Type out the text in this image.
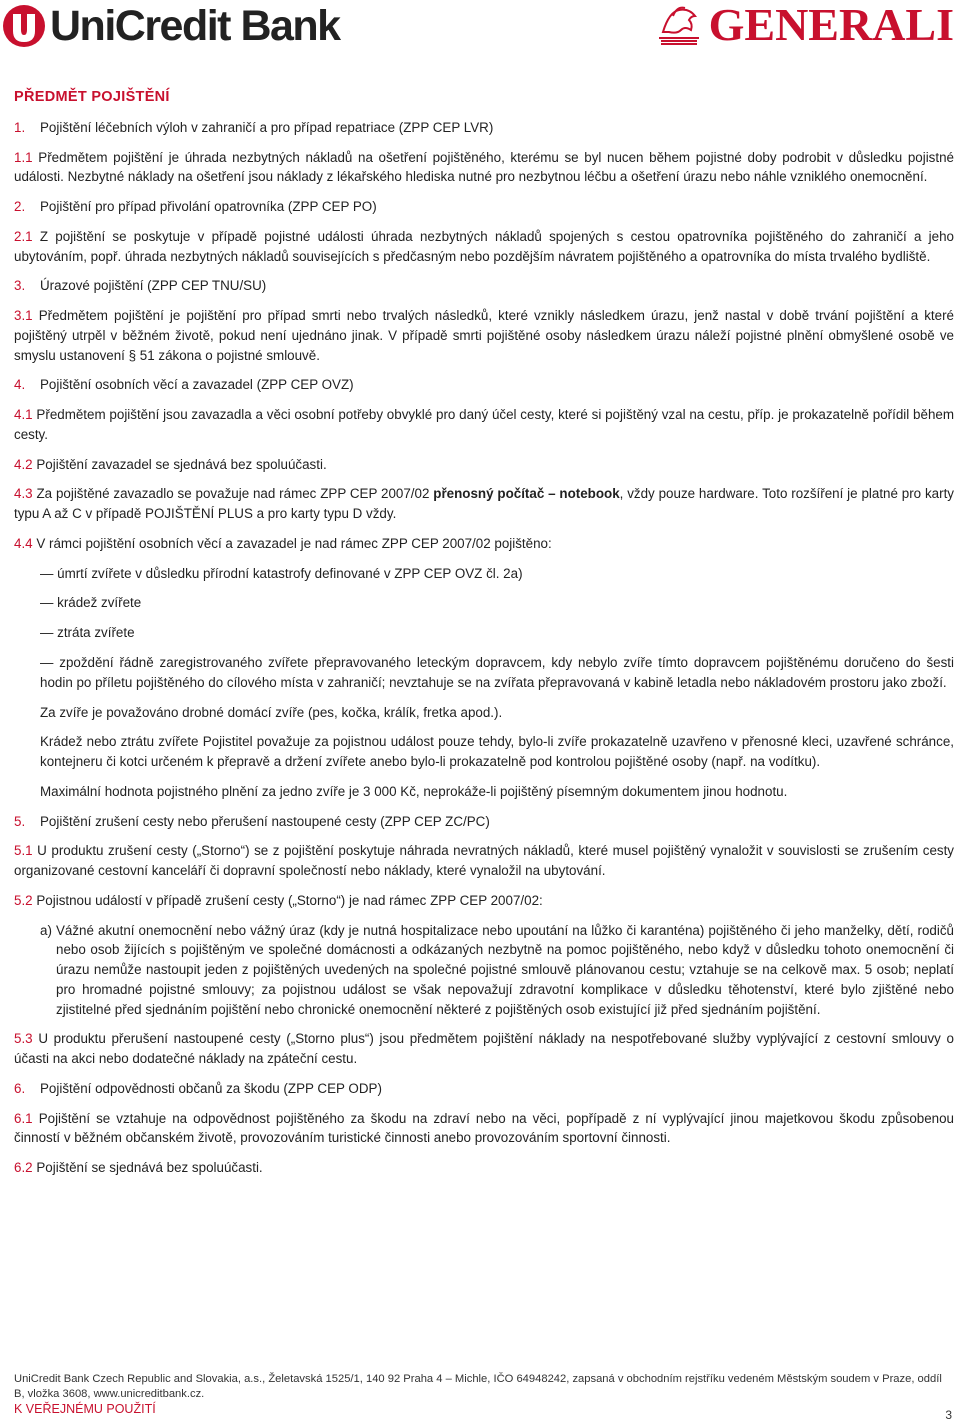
UniCredit Bank	GENERALI
PŘEDMĚT POJIŠTĚNÍ
1.	Pojištění léčebních výloh v zahraničí a pro případ repatriace (ZPP CEP LVR)
1.1 Předmětem pojištění je úhrada nezbytných nákladů na ošetření pojištěného, kterému se byl nucen během pojistné doby podrobit v důsledku pojistné události. Nezbytné náklady na ošetření jsou náklady z lékařského hlediska nutné pro nezbytnou léčbu a ošetření úrazu nebo náhle vzniklého onemocnění.
2.	Pojištění pro případ přivolání opatrovníka (ZPP CEP PO)
2.1 Z pojištění se poskytuje v případě pojistné události úhrada nezbytných nákladů spojených s cestou opatrovníka pojištěného do zahraničí a jeho ubytováním, popř. úhrada nezbytných nákladů souvisejících s předčasným nebo pozdějším návratem pojištěného a opatrovníka do místa trvalého bydliště.
3.	Úrazové pojištění (ZPP CEP TNU/SU)
3.1 Předmětem pojištění je pojištění pro případ smrti nebo trvalých následků, které vznikly následkem úrazu, jenž nastal v době trvání pojištění a které pojištěný utrpěl v běžném životě, pokud není ujednáno jinak. V případě smrti pojištěné osoby následkem úrazu náleží pojistné plnění obmyšlené osobě ve smyslu ustanovení § 51 zákona o pojistné smlouvě.
4.	Pojištění osobních věcí a zavazadel (ZPP CEP OVZ)
4.1 Předmětem pojištění jsou zavazadla a věci osobní potřeby obvyklé pro daný účel cesty, které si pojištěný vzal na cestu, příp. je prokazatelně pořídil během cesty.
4.2 Pojištění zavazadel se sjednává bez spoluúčasti.
4.3 Za pojištěné zavazadlo se považuje nad rámec ZPP CEP 2007/02 přenosný počítač – notebook, vždy pouze hardware. Toto rozšíření je platné pro karty typu A až C v případě POJIŠTĚNÍ PLUS a pro karty typu D vždy.
4.4 V rámci pojištění osobních věcí a zavazadel je nad rámec ZPP CEP 2007/02 pojištěno:
— úmrtí zvířete v důsledku přírodní katastrofy definované v ZPP CEP OVZ čl. 2a)
— krádež zvířete
— ztráta zvířete
— zpoždění řádně zaregistrovaného zvířete přepravovaného leteckým dopravcem, kdy nebylo zvíře tímto dopravcem pojištěnému doručeno do šesti hodin po příletu pojištěného do cílového místa v zahraničí; nevztahuje se na zvířata přepravovaná v kabině letadla nebo nákladovém prostoru jako zboží.
Za zvíře je považováno drobné domácí zvíře (pes, kočka, králík, fretka apod.).
Krádež nebo ztrátu zvířete Pojistitel považuje za pojistnou událost pouze tehdy, bylo-li zvíře prokazatelně uzavřeno v přenosné kleci, uzavřené schránce, kontejneru či kotci určeném k přepravě a držení zvířete anebo bylo-li prokazatelně pod kontrolou pojištěné osoby (např. na vodítku).
Maximální hodnota pojistného plnění za jedno zvíře je 3 000 Kč, neprokáže-li pojištěný písemným dokumentem jinou hodnotu.
5.	Pojištění zrušení cesty nebo přerušení nastoupené cesty (ZPP CEP ZC/PC)
5.1 U produktu zrušení cesty („Storno“) se z pojištění poskytuje náhrada nevratných nákladů, které musel pojištěný vynaložit v souvislosti se zrušením cesty organizované cestovní kanceláří či dopravní společností nebo náklady, které vynaložil na ubytování.
5.2 Pojistnou událostí v případě zrušení cesty („Storno“) je nad rámec ZPP CEP 2007/02:
a) Vážné akutní onemocnění nebo vážný úraz (kdy je nutná hospitalizace nebo upoutání na lůžko či karanténa) pojištěného či jeho manželky, dětí, rodičů nebo osob žijících s pojištěným ve společné domácnosti a odkázaných nezbytně na pomoc pojištěného, nebo když v důsledku tohoto onemocnění či úrazu nemůže nastoupit jeden z pojištěných uvedených na společné pojistné smlouvě plánovanou cestu; vztahuje se na celkově max. 5 osob; neplatí pro hromadné pojistné smlouvy; za pojistnou událost se však nepovažují zdravotní komplikace v důsledku těhotenství, které bylo zjištěné nebo zjistitelné před sjednáním pojištění nebo chronické onemocnění některé z pojištěných osob existující již před sjednáním pojištění.
5.3 U produktu přerušení nastoupené cesty („Storno plus“) jsou předmětem pojištění náklady na nespotřebované služby vyplývající z cestovní smlouvy o účasti na akci nebo dodatečné náklady na zpáteční cestu.
6.	Pojištění odpovědnosti občanů za škodu (ZPP CEP ODP)
6.1 Pojištění se vztahuje na odpovědnost pojištěného za škodu na zdraví nebo na věci, popřípadě z ní vyplývající jinou majetkovou škodu způsobenou činností v běžném občanském životě, provozováním turistické činnosti anebo provozováním sportovní činnosti.
6.2 Pojištění se sjednává bez spoluúčasti.
UniCredit Bank Czech Republic and Slovakia, a.s., Želetavská 1525/1, 140 92 Praha 4 – Michle, IČO 64948242, zapsaná v obchodním rejstříku vedeném Městským soudem v Praze, oddíl B, vložka 3608, www.unicreditbank.cz.
K VEŘEJNÉMU POUŽITÍ	3
